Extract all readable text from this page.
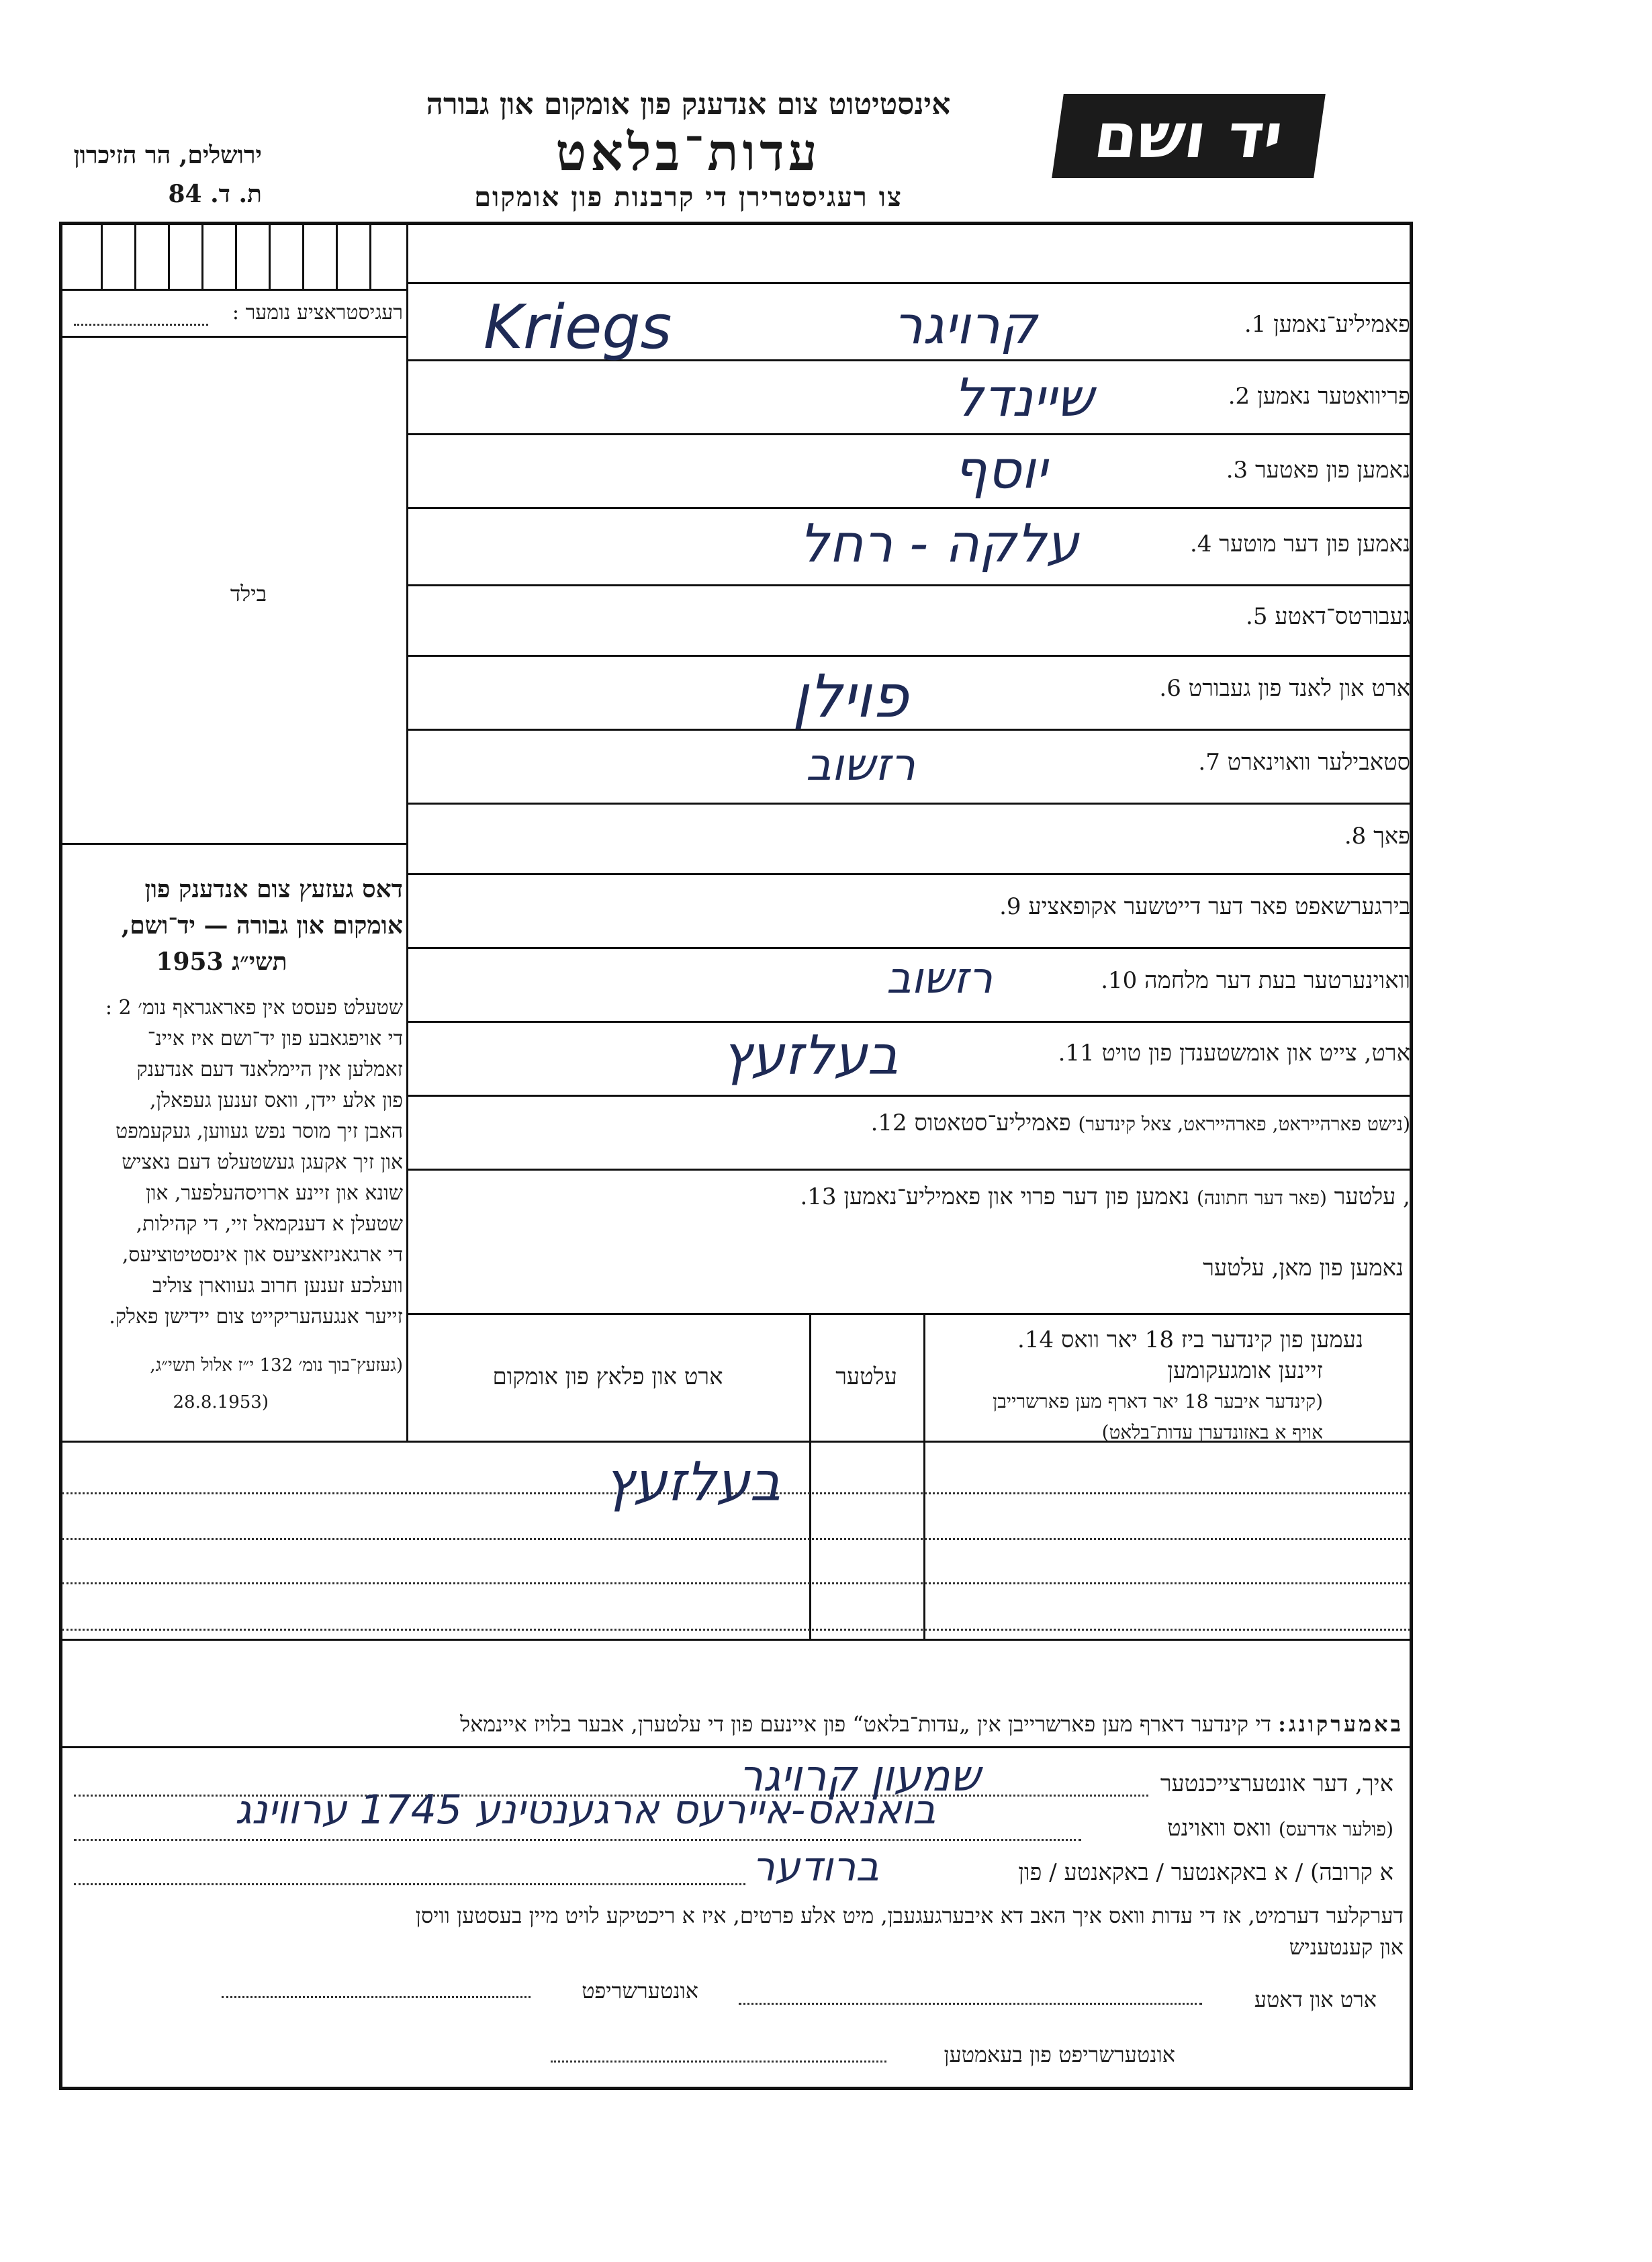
יד ושם
אינסטיטוט צום אנדענק פון אומקום און גבורה
עדות־בלאט
צו רעגיסטרירן די קרבנות פון אומקום
ירושלים, הר הזיכרון
ת. ד. 84
רעגיסטראציע נומער :
בילד
דאס געזעץ צום אנדענק פון
אומקום און גבורה — יד־ושם,
תשי״ג 1953
שטעלט פעסט אין פאראגראף נומ׳ 2 :
די אויפגאבע פון יד־ושם איז איינ־
זאמלען אין היימלאנד דעם אנדענק
פון אלע יידן, וואס זענען געפאלן,
האבן זיך מוסר נפש געווען, געקעמפט
און זיך אקעגן געשטעלט דעם נאציש
שונא און זיינע ארויסהעלפער, און
שטעלן א דענקמאל זיי, די קהילות,
די ארגאניזאציעס און אינסטיטוציעס,
וועלכע זענען חרוב געווארן צוליב
זייער אנגעהעריקייט צום יידישן פאלק.
(געזעץ־בוך נומ׳ 132 י״ז אלול תשי״ג,
(28.8.1953
פאמיליע־נאמען 1.
קרויגר
Kriegs
פריוואטער נאמען 2.
שיינדל
נאמען פון פאטער 3.
יוסף
נאמען פון דער מוטער 4.
עלקה - רחל
געבורטס־דאטע 5.
ארט און לאנד פון געבורט 6.
פוילן
סטאבילער וואוינארט 7.
רזשוב
פאך 8.
בירגערשאפט פאר דער דייטשער אקופאציע 9.
וואוינערטער בעת דער מלחמה 10.
רזשוב
ארט, צייט און אומשטענדן פון טויט 11.
בעלזעץ
(נישט פארהייראט, פארהייראט, צאל קינדער) פאמיליע־סטאטוס 12.
, עלטער (פאר דער חתונה) נאמען פון דער פרוי און פאמיליע־נאמען 13.
נאמען פון מאן, עלטער
נעמען פון קינדער ביז 18 יאר וואס 14.
זיינען אומגעקומען
(קינדער איבער 18 יאר דארף מען פארשרייבן
אויף א באזונדערן עדות־בלאט)
עלטער
ארט און פלאץ פון אומקום
בעלזעץ
באמערקונג: די קינדער דארף מען פארשרייבן אין „עדות־בלאט“ פון איינעם פון די עלטערן, אבער בלויז איינמאל
איך, דער אונטערצייכנטער
שמעון קרויגר
(פולער אדרעס) וואס וואוינט
בואנאס-איירעס ארגענטינע 1745 ערווינג
א קרובה) / א באקאנטער / באקאנטע / פון
ברודער
דערקלער דערמיט, אז די עדות וואס איך האב דא איבערגעגעבן, מיט אלע פרטים, איז א ריכטיקע לויט מיין בעסטען וויסן
און קענטעניש
ארט און דאטע
אונטערשריפט
אונטערשריפט פון בעאמטען
